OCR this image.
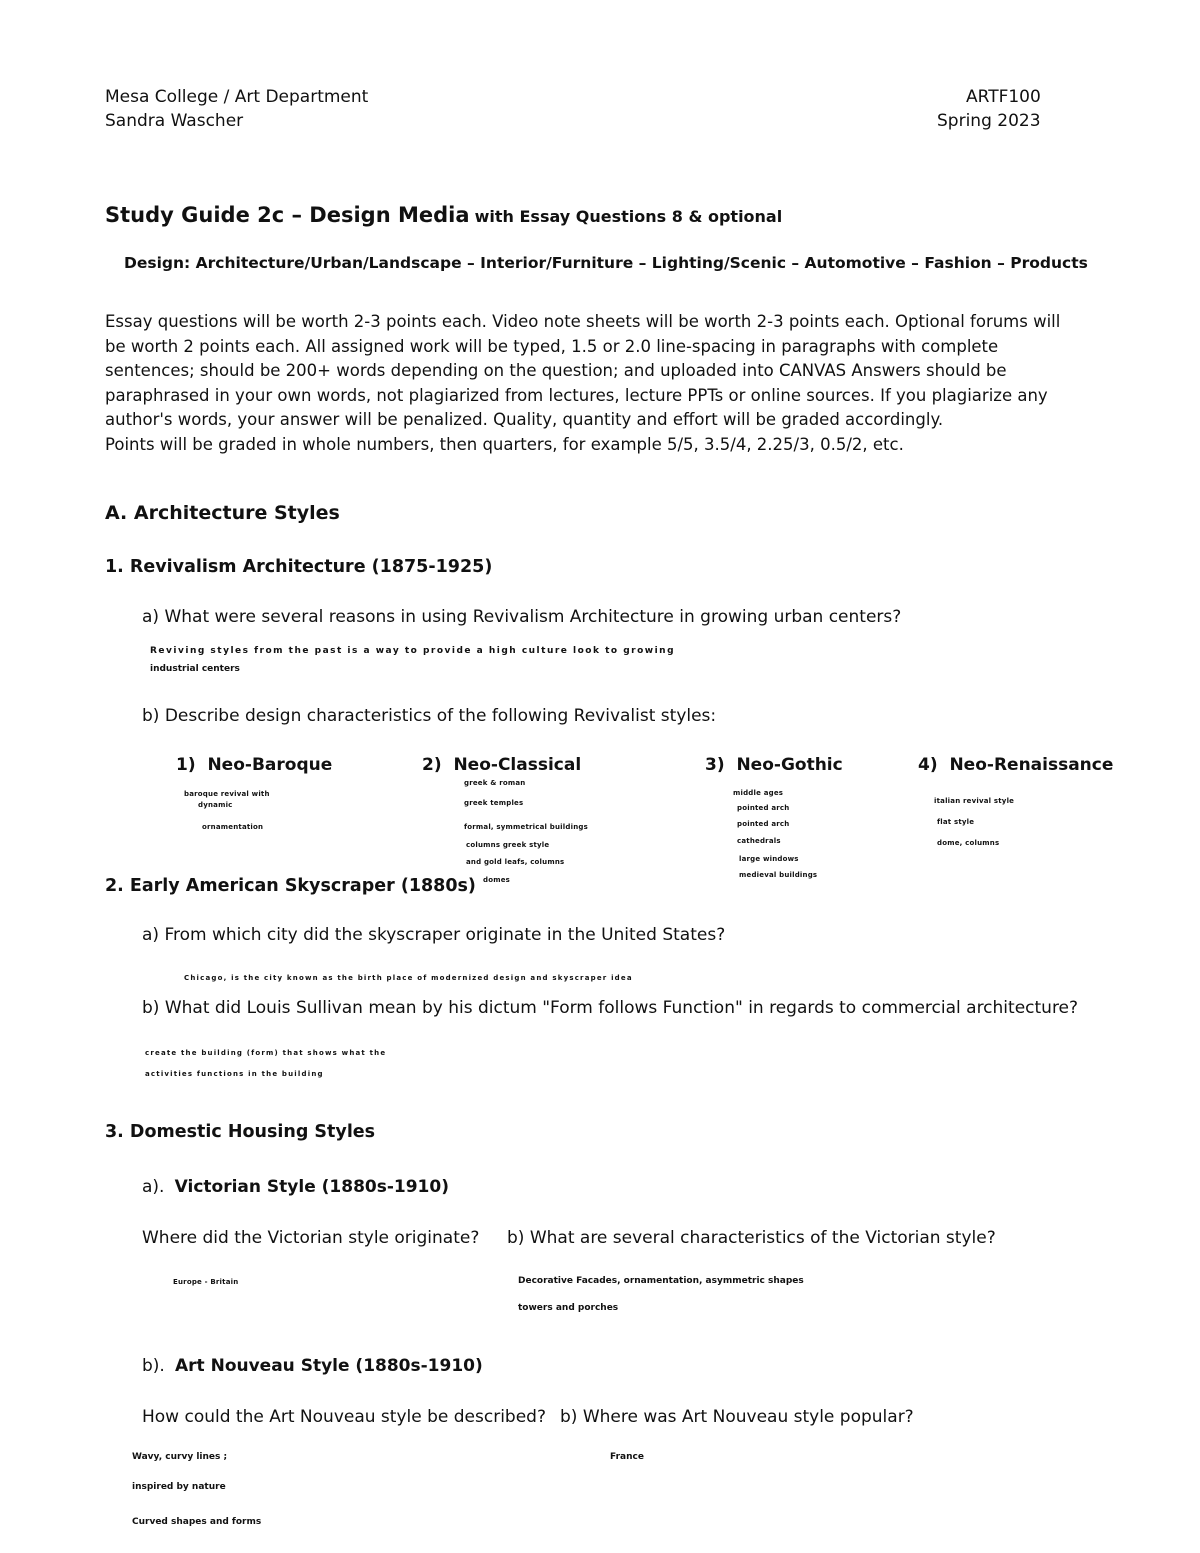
Mesa College / Art Department
Sandra Wascher
ARTF100
Spring 2023
Study Guide 2c – Design Media with Essay Questions 8 & optional
Design: Architecture/Urban/Landscape – Interior/Furniture – Lighting/Scenic – Automotive – Fashion – Products
Essay questions will be worth 2-3 points each. Video note sheets will be worth 2-3 points each. Optional forums will be worth 2 points each. All assigned work will be typed, 1.5 or 2.0 line-spacing in paragraphs with complete sentences; should be 200+ words depending on the question; and uploaded into CANVAS Answers should be paraphrased in your own words, not plagiarized from lectures, lecture PPTs or online sources. If you plagiarize any author's words, your answer will be penalized. Quality, quantity and effort will be graded accordingly.
Points will be graded in whole numbers, then quarters, for example 5/5, 3.5/4, 2.25/3, 0.5/2, etc.
A. Architecture Styles
1. Revivalism Architecture (1875-1925)
a) What were several reasons in using Revivalism Architecture in growing urban centers?
Reviving styles from the past is a way to provide a high culture look to growing
industrial centers
b) Describe design characteristics of the following Revivalist styles:
1) Neo-Baroque
baroque revival with
dynamic
ornamentation
2) Neo-Classical
greek & roman
greek temples
formal, symmetrical buildings
columns greek style
and gold leafs, columns
domes
3) Neo-Gothic
middle ages
pointed arch
pointed arch
cathedrals
large windows
medieval buildings
4) Neo-Renaissance
italian revival style
flat style
dome, columns
2. Early American Skyscraper (1880s)
a) From which city did the skyscraper originate in the United States?
Chicago, is the city known as the birth place of modernized design and skyscraper idea
b) What did Louis Sullivan mean by his dictum "Form follows Function" in regards to commercial architecture?
create the building (form) that shows what the
activities functions in the building
3. Domestic Housing Styles
a). Victorian Style (1880s-1910)
Where did the Victorian style originate? b) What are several characteristics of the Victorian style?
Europe - Britain	Decorative Facades, ornamentation, asymmetric shapes
towers and porches
b). Art Nouveau Style (1880s-1910)
How could the Art Nouveau style be described? b) Where was Art Nouveau style popular?
Wavy, curvy lines ;
inspired by nature
Curved shapes and forms
France
